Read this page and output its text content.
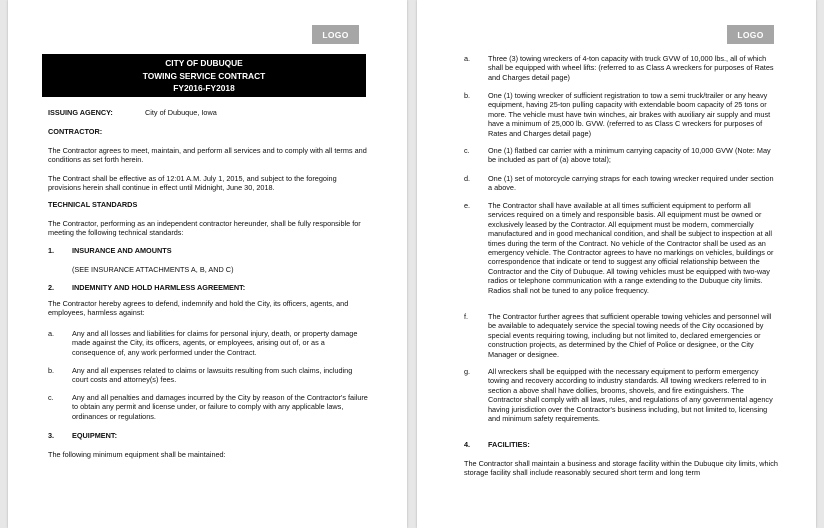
LOGO
CITY OF DUBUQUE
TOWING SERVICE CONTRACT
FY2016-FY2018
ISSUING AGENCY:	City of Dubuque, Iowa
CONTRACTOR:
The Contractor agrees to meet, maintain, and perform all services and to comply with all terms and conditions as set forth herein.
The Contract shall be effective as of 12:01 A.M. July 1, 2015, and subject to the foregoing provisions herein shall continue in effect until Midnight, June 30, 2018.
TECHNICAL STANDARDS
The Contractor, performing as an independent contractor hereunder, shall be fully responsible for meeting the following technical standards:
1. INSURANCE AND AMOUNTS
(SEE INSURANCE ATTACHMENTS A, B, AND C)
2. INDEMNITY AND HOLD HARMLESS AGREEMENT:
The Contractor hereby agrees to defend, indemnify and hold the City, its officers, agents, and employees, harmless against:
a. Any and all losses and liabilities for claims for personal injury, death, or property damage made against the City, its officers, agents, or employees, arising out of, or as a consequence of, any work performed under the Contract.
b. Any and all expenses related to claims or lawsuits resulting from such claims, including court costs and attorney(s) fees.
c.	Any and all penalties and damages incurred by the City by reason of the Contractor's failure to obtain any permit and license under, or failure to comply with any applicable laws, ordinances or regulations.
3. EQUIPMENT:
The following minimum equipment shall be maintained:
LOGO
a. Three (3) towing wreckers of 4-ton capacity with truck GVW of 10,000 lbs., all of which shall be equipped with wheel lifts: (referred to as Class A wreckers for purposes of Rates and Charges detail page)
b. One (1) towing wrecker of sufficient registration to tow a semi truck/trailer or any heavy equipment, having 25-ton pulling capacity with extendable boom capacity of 25 tons or more. The vehicle must have twin winches, air brakes with auxiliary air supply and must have a minimum of 25,000 lb. GVW. (referred to as Class C wreckers for purposes of Rates and Charges detail page)
c.	One (1) flatbed car carrier with a minimum carrying capacity of 10,000 GVW (Note: May be included as part of (a) above total);
d. One (1) set of motorcycle carrying straps for each towing wrecker required under section a above.
e. The Contractor shall have available at all times sufficient equipment to perform all services required on a timely and responsible basis. All equipment must be owned or exclusively leased by the Contractor. All equipment must be modern, commercially manufactured and in good mechanical condition, and shall be subject to inspection at all times during the term of the Contract. No vehicle of the Contractor shall be used as an emergency vehicle. The Contractor agrees to have no markings on vehicles, buildings or correspondence that indicate or tend to suggest any official relationship between the Contractor and the City of Dubuque. All towing vehicles must be equipped with two-way radios or telephone communication with a range extending to the Dubuque city limits. Radios shall not be tuned to any police frequency.
f.	The Contractor further agrees that sufficient operable towing vehicles and personnel will be available to adequately service the special towing needs of the City occasioned by special events requiring towing, including but not limited to, declared emergencies or construction projects, as determined by the Chief of Police or designee, or the City Manager or designee.
g. All wreckers shall be equipped with the necessary equipment to perform emergency towing and recovery according to industry standards. All towing wreckers referred to in section a above shall have dollies, brooms, shovels, and fire extinguishers. The Contractor shall comply with all laws, rules, and regulations of any governmental agency having jurisdiction over the Contractor's business including, but not limited to, licensing and minimum safety requirements.
4. FACILITIES:
The Contractor shall maintain a business and storage facility within the Dubuque city limits, which storage facility shall include reasonably secured short term and long term
